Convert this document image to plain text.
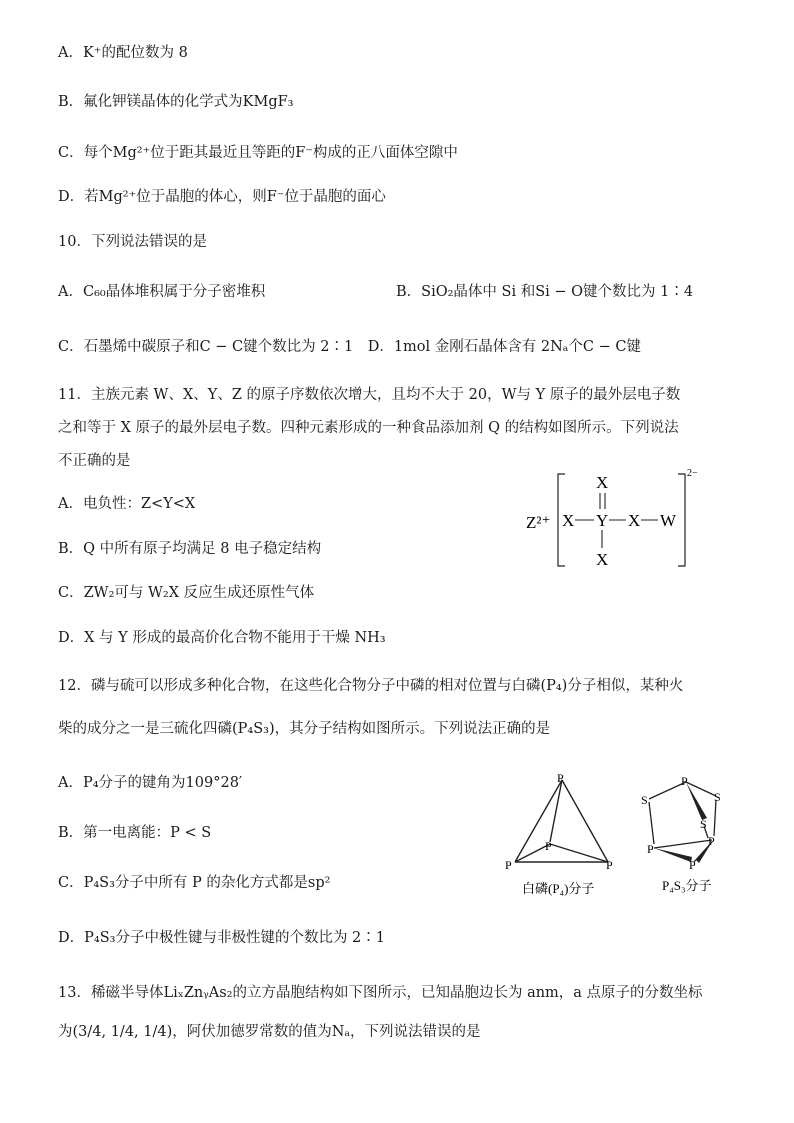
A．K⁺的配位数为 8
B．氟化钾镁晶体的化学式为KMgF₃
C．每个Mg²⁺位于距其最近且等距的F⁻构成的正八面体空隙中
D．若Mg²⁺位于晶胞的体心，则F⁻位于晶胞的面心
10．下列说法错误的是
A．C₆₀晶体堆积属于分子密堆积	B．SiO₂晶体中 Si 和Si − O键个数比为 1∶4
C．石墨烯中碳原子和C − C键个数比为 2∶1　D．1mol 金刚石晶体含有 2Nₐ个C − C键
11．主族元素 W、X、Y、Z 的原子序数依次增大，且均不大于 20，W与 Y 原子的最外层电子数
之和等于 X 原子的最外层电子数。四种元素形成的一种食品添加剂 Q 的结构如图所示。下列说法
不正确的是
A．电负性：Z<Y<X
B．Q 中所有原子均满足 8 电子稳定结构
C．ZW₂可与 W₂X 反应生成还原性气体
D．X 与 Y 形成的最高价化合物不能用于干燥 NH₃
Z²⁺
2−
X
X Y X W
X
12．磷与硫可以形成多种化合物，在这些化合物分子中磷的相对位置与白磷(P₄)分子相似，某种火
柴的成分之一是三硫化四磷(P₄S₃)，其分子结构如图所示。下列说法正确的是
A．P₄分子的键角为109°28′
B．第一电离能：P < S
C．P₄S₃分子中所有 P 的杂化方式都是sp²
D．P₄S₃分子中极性键与非极性键的个数比为 2∶1
P
P
P	P
白磷(P₄)分子
P
S	S
S
P
P
P
P₄S₃分子
13．稀磁半导体LiₓZnᵧAs₂的立方晶胞结构如下图所示，已知晶胞边长为 anm，a 点原子的分数坐标
为(3/4, 1/4, 1/4)，阿伏加德罗常数的值为Nₐ，下列说法错误的是
